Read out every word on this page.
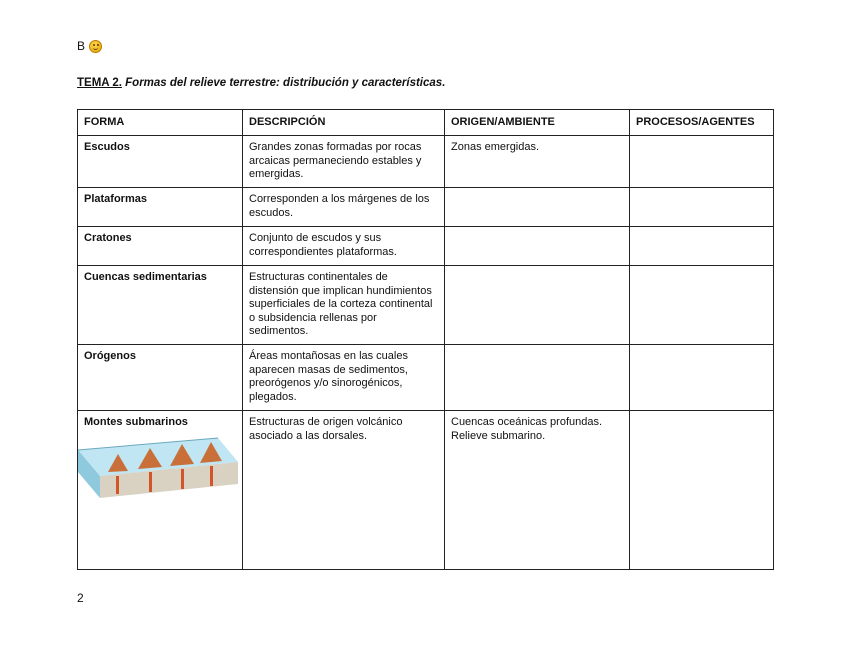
B
TEMA 2. Formas del relieve terrestre: distribución y características.
FORMA	DESCRIPCIÓN	ORIGEN/AMBIENTE	PROCESOS/AGENTES
Escudos	Grandes zonas formadas por rocas arcaicas permaneciendo estables y emergidas.	Zonas emergidas.	
Plataformas	Corresponden a los márgenes de los escudos.		
Cratones	Conjunto de escudos y sus correspondientes plataformas.		
Cuencas sedimentarias	Estructuras continentales de distensión que implican hundimientos superficiales de la corteza continental o subsidencia rellenas por sedimentos.		
Orógenos	Áreas montañosas en las cuales aparecen masas de sedimentos, preorógenos y/o sinorogénicos, plegados.		

Montes submarinos	Estructuras de origen volcánico asociado a las dorsales.	Cuencas oceánicas profundas. Relieve submarino.	
2
